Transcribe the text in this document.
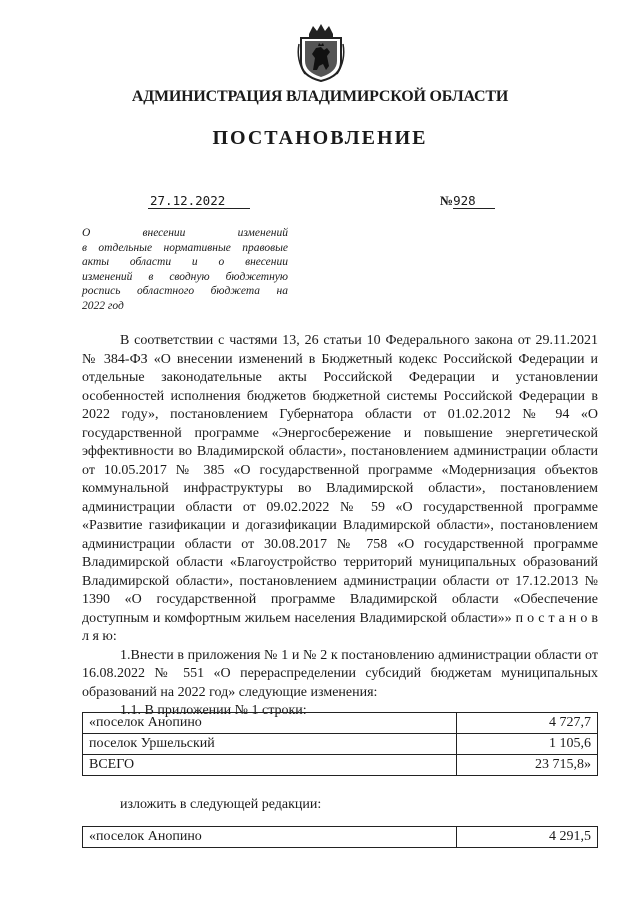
АДМИНИСТРАЦИЯ ВЛАДИМИРСКОЙ ОБЛАСТИ
ПОСТАНОВЛЕНИЕ
27.12.2022	№928
О внесении изменений
в отдельные нормативные правовые
акты области и о внесении
изменений в сводную бюджетную
роспись областного бюджета на
2022 год

В соответствии с частями 13, 26 статьи 10 Федерального закона от 29.11.2021 № 384-ФЗ «О внесении изменений в Бюджетный кодекс Российской Федерации и отдельные законодательные акты Российской Федерации и установлении особенностей исполнения бюджетов бюджетной системы Российской Федерации в 2022 году», постановлением Губернатора области от 01.02.2012 № 94 «О государственной программе «Энергосбережение и повышение энергетической эффективности во Владимирской области», постановлением администрации области от 10.05.2017 № 385 «О государственной программе «Модернизация объектов коммунальной инфраструктуры во Владимирской области», постановлением администрации области от 09.02.2022 № 59 «О государственной программе «Развитие газификации и догазификации Владимирской области», постановлением администрации области от 30.08.2017 № 758 «О государственной программе Владимирской области «Благоустройство территорий муниципальных образований Владимирской области», постановлением администрации области от 17.12.2013 № 1390 «О государственной программе Владимирской области «Обеспечение доступным и комфортным жильем населения Владимирской области»» п о с т а н о в л я ю:

1.Внести в приложения № 1 и № 2 к постановлению администрации области от 16.08.2022 № 551 «О перераспределении субсидий бюджетам муниципальных образований на 2022 год» следующие изменения:

1.1. В приложении № 1 строки:

«поселок Анопино	4 727,7
поселок Уршельский	1 105,6
ВСЕГО	23 715,8»
изложить в следующей редакции:
«поселок Анопино	4 291,5
